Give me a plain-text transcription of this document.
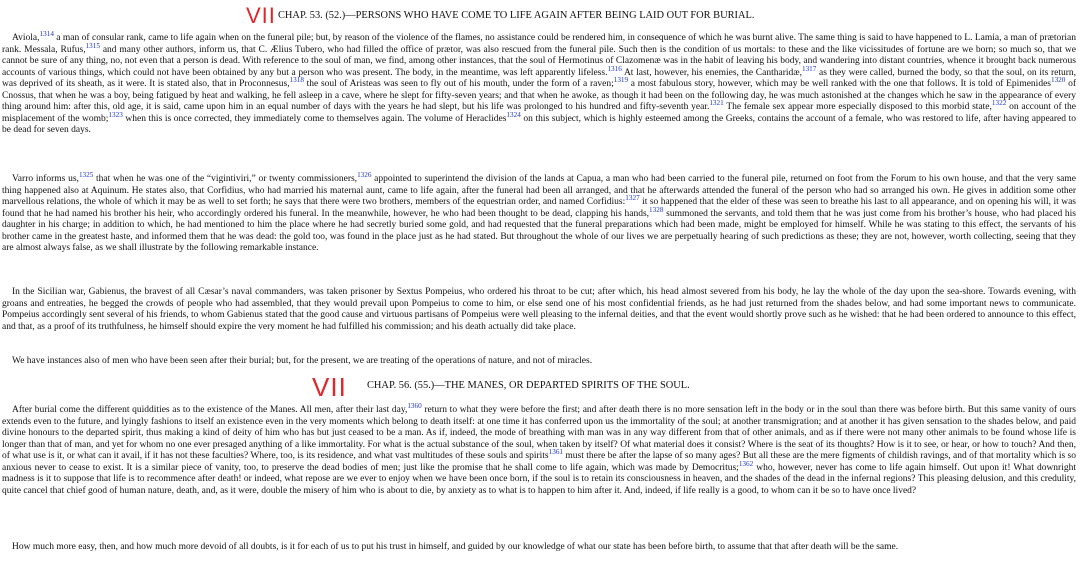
VII CHAP. 53. (52.)—PERSONS WHO HAVE COME TO LIFE AGAIN AFTER BEING LAID OUT FOR BURIAL.

Aviola,$^{1314}$ a man of consular rank, came to life again when on the funeral pile; but, by reason of the violence of the flames, no assistance could be rendered him, in consequence of which he was burnt alive. The same thing is said to have happened to L. Lamia, a man of prætorian rank. Messala, Rufus,$^{1315}$ and many other authors, inform us, that C. Ælius Tubero, who had filled the office of prætor, was also rescued from the funeral pile. Such then is the condition of us mortals: to these and the like vicissitudes of fortune are we born; so much so, that we cannot be sure of any thing, no, not even that a person is dead. With reference to the soul of man, we find, among other instances, that the soul of Hermotinus of Clazomenæ was in the habit of leaving his body, and wandering into distant countries, whence it brought back numerous accounts of various things, which could not have been obtained by any but a person who was present. The body, in the meantime, was left apparently lifeless.$^{1316}$ At last, however, his enemies, the Cantharidæ,$^{1317}$ as they were called, burned the body, so that the soul, on its return, was deprived of its sheath, as it were. It is stated also, that in Proconnesus,$^{1318}$ the soul of Aristeas was seen to fly out of his mouth, under the form of a raven;$^{1319}$ a most fabulous story, however, which may be well ranked with the one that follows. It is told of Epimenides$^{1320}$ of Cnossus, that when he was a boy, being fatigued by heat and walking, he fell asleep in a cave, where he slept for fifty-seven years; and that when he awoke, as though it had been on the following day, he was much astonished at the changes which he saw in the appearance of every thing around him: after this, old age, it is said, came upon him in an equal number of days with the years he had slept, but his life was prolonged to his hundred and fifty-seventh year.$^{1321}$ The female sex appear more especially disposed to this morbid state,$^{1322}$ on account of the misplacement of the womb;$^{1323}$ when this is once corrected, they immediately come to themselves again. The volume of Heraclides$^{1324}$ on this subject, which is highly esteemed among the Greeks, contains the account of a female, who was restored to life, after having appeared to be dead for seven days.

Varro informs us,$^{1325}$ that when he was one of the “vigintiviri,” or twenty commissioners,$^{1326}$ appointed to superintend the division of the lands at Capua, a man who had been carried to the funeral pile, returned on foot from the Forum to his own house, and that the very same thing happened also at Aquinum. He states also, that Corfidius, who had married his maternal aunt, came to life again, after the funeral had been all arranged, and that he afterwards attended the funeral of the person who had so arranged his own. He gives in addition some other marvellous relations, the whole of which it may be as well to set forth; he says that there were two brothers, members of the equestrian order, and named Corfidius:$^{1327}$ it so happened that the elder of these was seen to breathe his last to all appearance, and on opening his will, it was found that he had named his brother his heir, who accordingly ordered his funeral. In the meanwhile, however, he who had been thought to be dead, clapping his hands,$^{1328}$ summoned the servants, and told them that he was just come from his brother’s house, who had placed his daughter in his charge; in addition to which, he had mentioned to him the place where he had secretly buried some gold, and had requested that the funeral preparations which had been made, might be employed for himself. While he was stating to this effect, the servants of his brother came in the greatest haste, and informed them that he was dead: the gold too, was found in the place just as he had stated. But throughout the whole of our lives we are perpetually hearing of such predictions as these; they are not, however, worth collecting, seeing that they are almost always false, as we shall illustrate by the following remarkable instance.

In the Sicilian war, Gabienus, the bravest of all Cæsar’s naval commanders, was taken prisoner by Sextus Pompeius, who ordered his throat to be cut; after which, his head almost severed from his body, he lay the whole of the day upon the sea-shore. Towards evening, with groans and entreaties, he begged the crowds of people who had assembled, that they would prevail upon Pompeius to come to him, or else send one of his most confidential friends, as he had just returned from the shades below, and had some important news to communicate. Pompeius accordingly sent several of his friends, to whom Gabienus stated that the good cause and virtuous partisans of Pompeius were well pleasing to the infernal deities, and that the event would shortly prove such as he wished: that he had been ordered to announce to this effect, and that, as a proof of its truthfulness, he himself should expire the very moment he had fulfilled his commission; and his death actually did take place.

We have instances also of men who have been seen after their burial; but, for the present, we are treating of the operations of nature, and not of miracles.

VII CHAP. 56. (55.)—THE MANES, OR DEPARTED SPIRITS OF THE SOUL.

After burial come the different quiddities as to the existence of the Manes. All men, after their last day,$^{1360}$ return to what they were before the first; and after death there is no more sensation left in the body or in the soul than there was before birth. But this same vanity of ours extends even to the future, and lyingly fashions to itself an existence even in the very moments which belong to death itself: at one time it has conferred upon us the immortality of the soul; at another transmigration; and at another it has given sensation to the shades below, and paid divine honours to the departed spirit, thus making a kind of deity of him who has but just ceased to be a man. As if, indeed, the mode of breathing with man was in any way different from that of other animals, and as if there were not many other animals to be found whose life is longer than that of man, and yet for whom no one ever presaged anything of a like immortality. For what is the actual substance of the soul, when taken by itself? Of what material does it consist? Where is the seat of its thoughts? How is it to see, or hear, or how to touch? And then, of what use is it, or what can it avail, if it has not these faculties? Where, too, is its residence, and what vast multitudes of these souls and spirits$^{1361}$ must there be after the lapse of so many ages? But all these are the mere figments of childish ravings, and of that mortality which is so anxious never to cease to exist. It is a similar piece of vanity, too, to preserve the dead bodies of men; just like the promise that he shall come to life again, which was made by Democritus;$^{1362}$ who, however, never has come to life again himself. Out upon it! What downright madness is it to suppose that life is to recommence after death! or indeed, what repose are we ever to enjoy when we have been once born, if the soul is to retain its consciousness in heaven, and the shades of the dead in the infernal regions? This pleasing delusion, and this credulity, quite cancel that chief good of human nature, death, and, as it were, double the misery of him who is about to die, by anxiety as to what is to happen to him after it. And, indeed, if life really is a good, to whom can it be so to have once lived?

How much more easy, then, and how much more devoid of all doubts, is it for each of us to put his trust in himself, and guided by our knowledge of what our state has been before birth, to assume that that after death will be the same.
